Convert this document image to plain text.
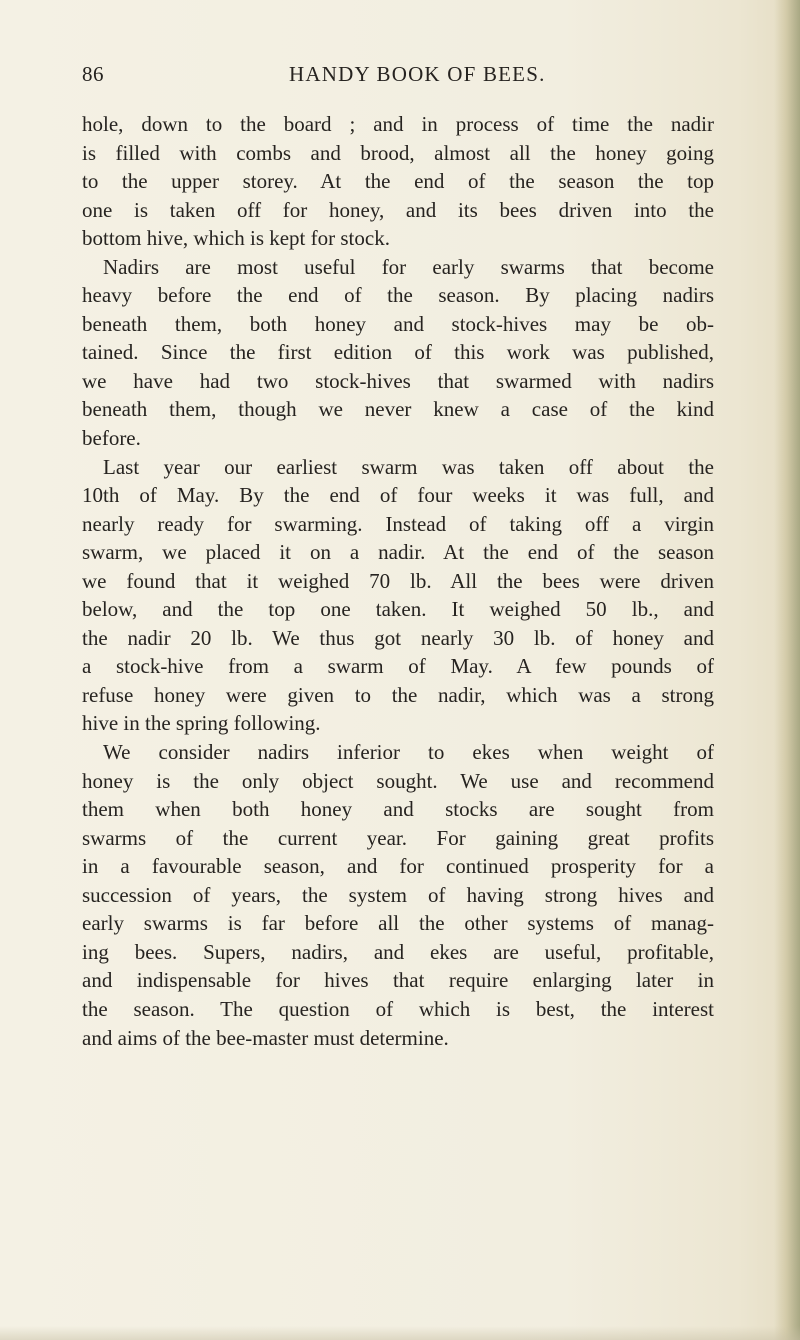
86	HANDY BOOK OF BEES.
hole, down to the board ; and in process of time the nadir
is filled with combs and brood, almost all the honey going
to the upper storey. At the end of the season the top
one is taken off for honey, and its bees driven into the
bottom hive, which is kept for stock.
Nadirs are most useful for early swarms that become
heavy before the end of the season. By placing nadirs
beneath them, both honey and stock-hives may be ob-
tained. Since the first edition of this work was published,
we have had two stock-hives that swarmed with nadirs
beneath them, though we never knew a case of the kind
before.
Last year our earliest swarm was taken off about the
10th of May. By the end of four weeks it was full, and
nearly ready for swarming. Instead of taking off a virgin
swarm, we placed it on a nadir. At the end of the season
we found that it weighed 70 lb. All the bees were driven
below, and the top one taken. It weighed 50 lb., and
the nadir 20 lb. We thus got nearly 30 lb. of honey and
a stock-hive from a swarm of May. A few pounds of
refuse honey were given to the nadir, which was a strong
hive in the spring following.
We consider nadirs inferior to ekes when weight of
honey is the only object sought. We use and recommend
them when both honey and stocks are sought from
swarms of the current year. For gaining great profits
in a favourable season, and for continued prosperity for a
succession of years, the system of having strong hives and
early swarms is far before all the other systems of manag-
ing bees. Supers, nadirs, and ekes are useful, profitable,
and indispensable for hives that require enlarging later in
the season. The question of which is best, the interest
and aims of the bee-master must determine.
